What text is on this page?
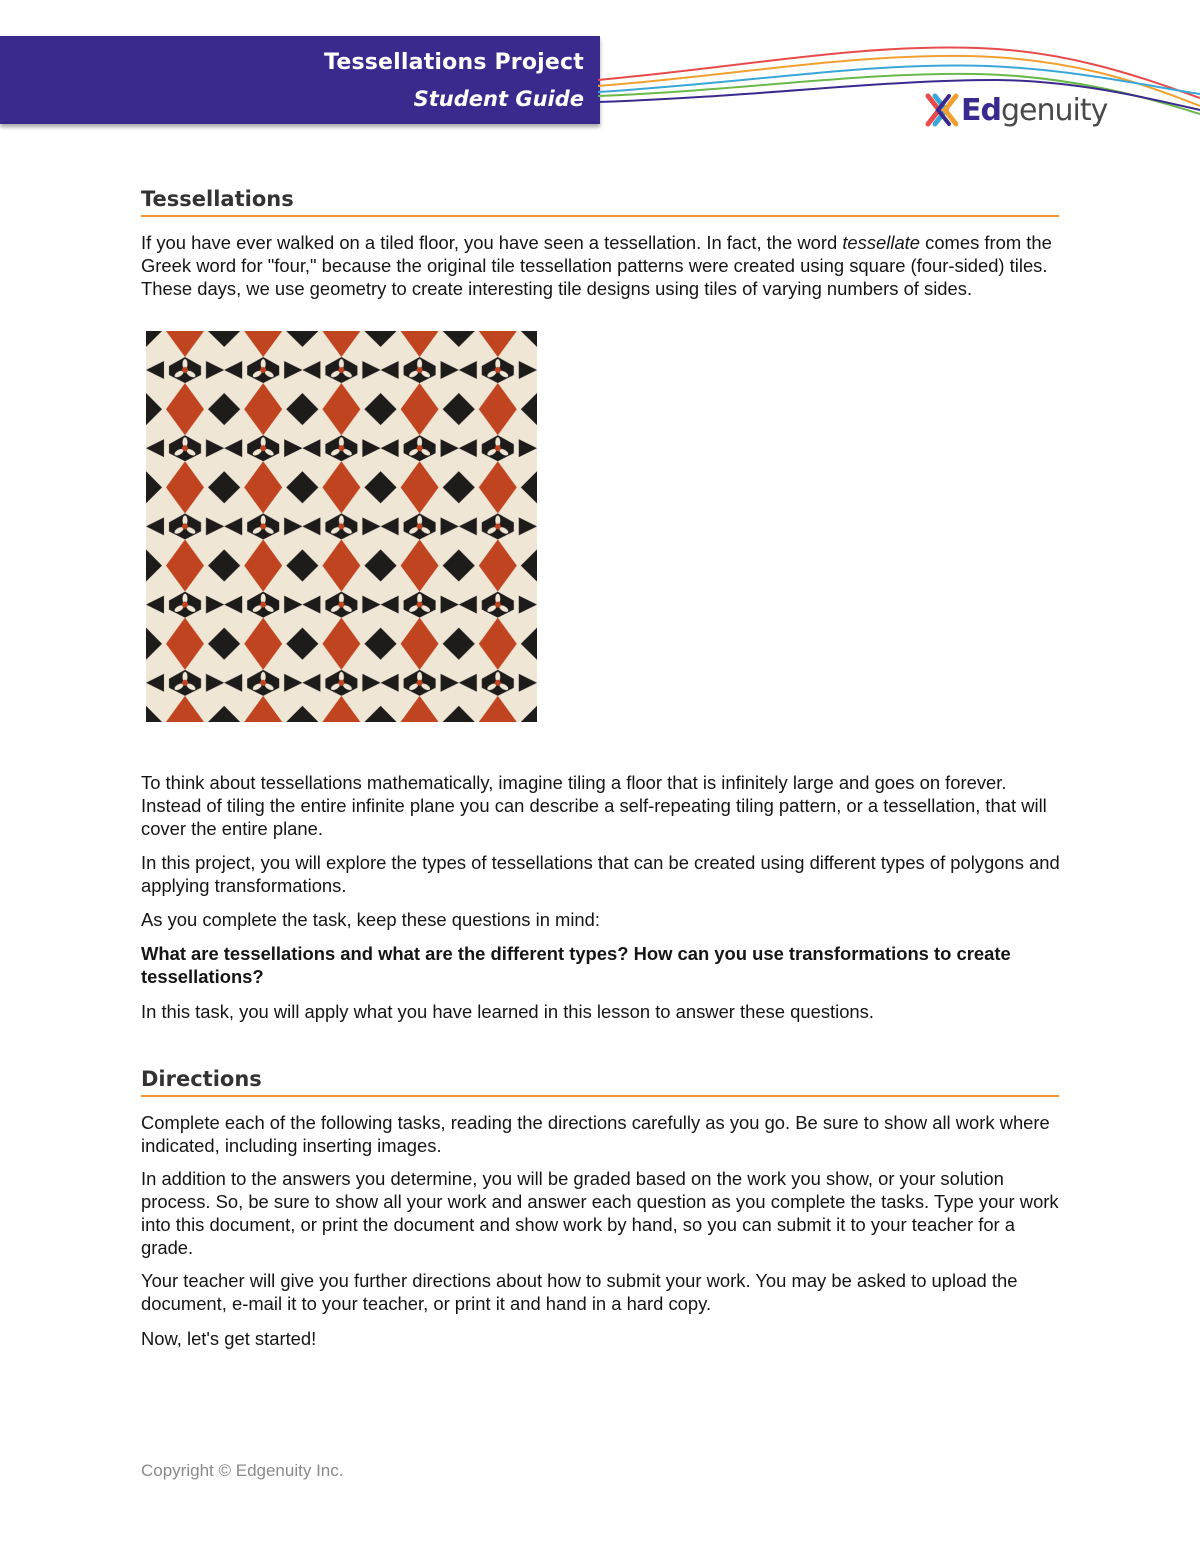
Tessellations Project
Student Guide	Edgenuity
Tessellations

If you have ever walked on a tiled floor, you have seen a tessellation. In fact, the word tessellate comes from the Greek word for "four," because the original tile tessellation patterns were created using square (four-sided) tiles. These days, we use geometry to create interesting tile designs using tiles of varying numbers of sides.

To think about tessellations mathematically, imagine tiling a floor that is infinitely large and goes on forever. Instead of tiling the entire infinite plane you can describe a self-repeating tiling pattern, or a tessellation, that will cover the entire plane.

In this project, you will explore the types of tessellations that can be created using different types of polygons and applying transformations.

As you complete the task, keep these questions in mind:

What are tessellations and what are the different types? How can you use transformations to create tessellations?

In this task, you will apply what you have learned in this lesson to answer these questions.

Directions

Complete each of the following tasks, reading the directions carefully as you go. Be sure to show all work where indicated, including inserting images.

In addition to the answers you determine, you will be graded based on the work you show, or your solution process. So, be sure to show all your work and answer each question as you complete the tasks. Type your work into this document, or print the document and show work by hand, so you can submit it to your teacher for a grade.

Your teacher will give you further directions about how to submit your work. You may be asked to upload the document, e-mail it to your teacher, or print it and hand in a hard copy.

Now, let's get started!

Copyright © Edgenuity Inc.
